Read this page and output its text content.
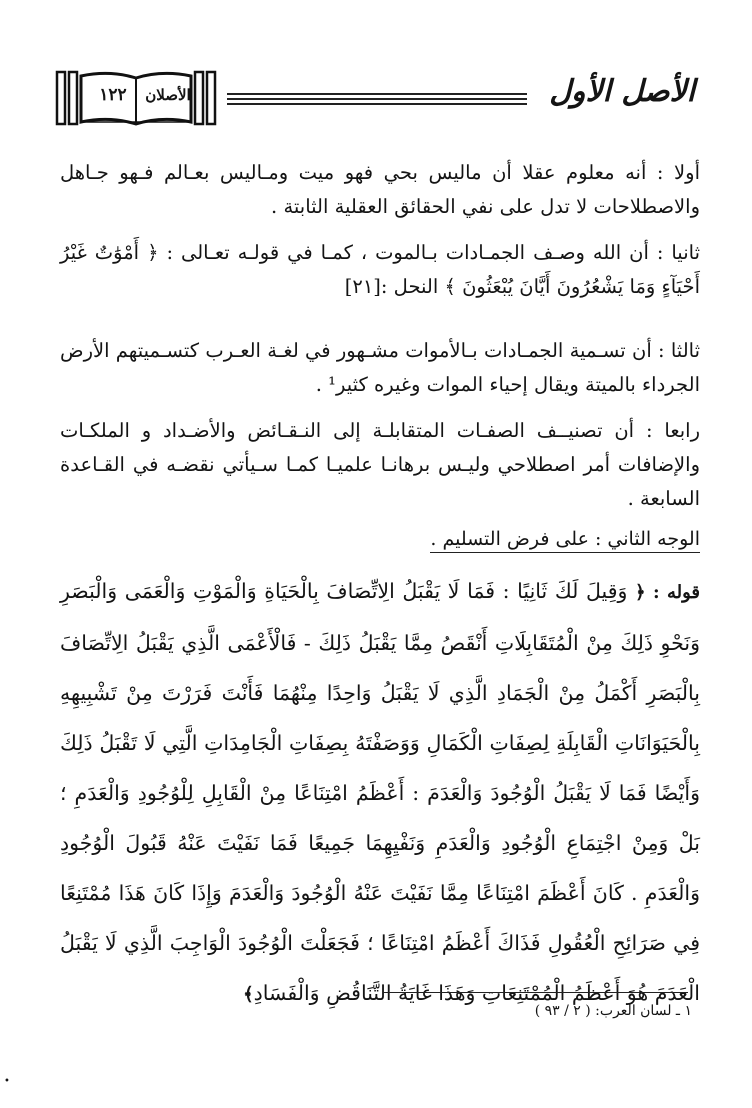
١٢٢	الأصلان	الأصل الأول

أولا : أنه معلوم عقلا أن ماليس بحي فهو ميت ومـاليس بعـالم فـهو جـاهل والاصطلاحات لا تدل على نفي الحقائق العقلية الثابتة .

ثانيا : أن الله وصـف الجمـادات بـالموت ، كمـا في قولـه تعـالى : ﴿ أَمْوَٰتٌ غَيْرُ أَحْيَآءٍ وَمَا يَشْعُرُونَ أَيَّانَ يُبْعَثُونَ ﴾ النحل :[٢١]

ثالثا : أن تسـمية الجمـادات بـالأموات مشـهور في لغـة العـرب كتسـميتهم الأرض الجرداء بالميتة ويقال إحياء الموات وغيره كثير¹ .

رابعا : أن تصنيــف الصفـات المتقابلـة إلى النـقـائض والأضـداد و الملكـات والإضافات أمر اصطلاحي وليـس برهانـا علميـا كمـا سـيأتي نقضـه في القـاعدة السابعة .

الوجه الثاني : على فرض التسليم .

قوله : ﴿ وَقِيلَ لَكَ ثَانِيًا : فَمَا لَا يَقْبَلُ الِاتِّصَافَ بِالْحَيَاةِ وَالْمَوْتِ وَالْعَمَى وَالْبَصَرِ وَنَحْوِ ذَلِكَ مِنْ الْمُتَقَابِلَاتِ أَنْقَصُ مِمَّا يَقْبَلُ ذَلِكَ - فَالْأَعْمَى الَّذِي يَقْبَلُ الِاتِّصَافَ بِالْبَصَرِ أَكْمَلُ مِنْ الْجَمَادِ الَّذِي لَا يَقْبَلُ وَاحِدًا مِنْهُمَا فَأَنْتَ فَرَرْتَ مِنْ تَشْبِيهِهِ بِالْحَيَوَانَاتِ الْقَابِلَةِ لِصِفَاتِ الْكَمَالِ وَوَصَفْتَهُ بِصِفَاتِ الْجَامِدَاتِ الَّتِي لَا تَقْبَلُ ذَلِكَ وَأَيْضًا فَمَا لَا يَقْبَلُ الْوُجُودَ وَالْعَدَمَ : أَعْظَمُ امْتِنَاعًا مِنْ الْقَابِلِ لِلْوُجُودِ وَالْعَدَمِ ؛ بَلْ وَمِنْ اجْتِمَاعِ الْوُجُودِ وَالْعَدَمِ وَنَفْيِهِمَا جَمِيعًا فَمَا نَفَيْتَ عَنْهُ قَبُولَ الْوُجُودِ وَالْعَدَمِ . كَانَ أَعْظَمَ امْتِنَاعًا مِمَّا نَفَيْتَ عَنْهُ الْوُجُودَ وَالْعَدَمَ وَإِذَا كَانَ هَذَا مُمْتَنِعًا فِي صَرَائِحِ الْعُقُولِ فَذَاكَ أَعْظَمُ امْتِنَاعًا ؛ فَجَعَلْتَ الْوُجُودَ الْوَاجِبَ الَّذِي لَا يَقْبَلُ الْعَدَمَ هُوَ أَعْظَمُ الْمُمْتَنِعَاتِ وَهَذَا غَايَةُ التَّنَاقُضِ وَالْفَسَادِ﴾

١ ـ لسان العرب: ( ٢ / ٩٣ )
•
